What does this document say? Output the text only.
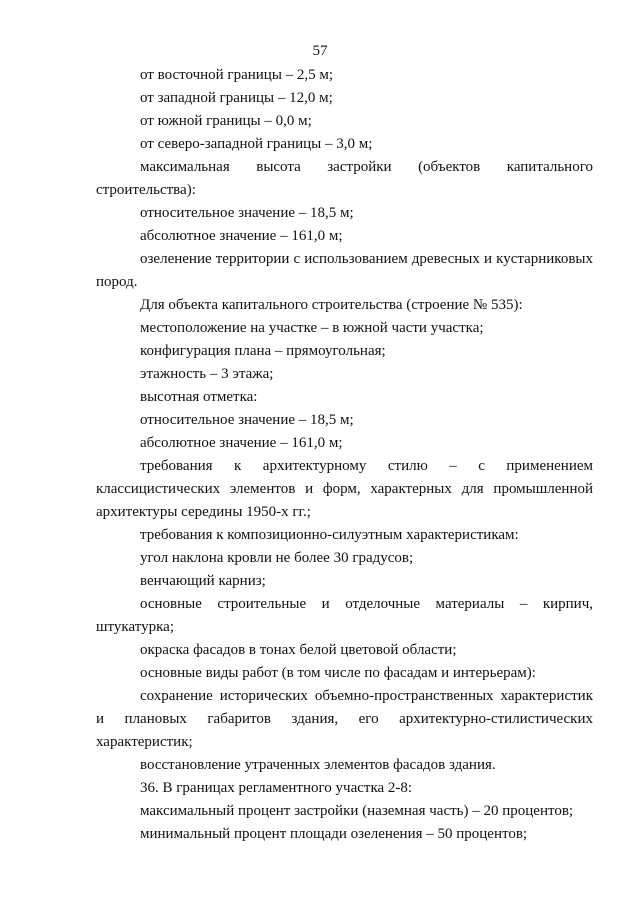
57

от восточной границы – 2,5 м;

от западной границы – 12,0 м;

от южной границы – 0,0 м;

от северо-западной границы – 3,0 м;

максимальная высота застройки (объектов капитального строительства):

относительное значение – 18,5 м;

абсолютное значение – 161,0 м;

озеленение территории с использованием древесных и кустарниковых пород.

Для объекта капитального строительства (строение № 535):

местоположение на участке – в южной части участка;

конфигурация плана – прямоугольная;

этажность – 3 этажа;

высотная отметка:

относительное значение – 18,5 м;

абсолютное значение – 161,0 м;

требования к архитектурному стилю – с применением классицистических элементов и форм, характерных для промышленной архитектуры середины 1950-х гг.;

требования к композиционно-силуэтным характеристикам:

угол наклона кровли не более 30 градусов;

венчающий карниз;

основные строительные и отделочные материалы – кирпич, штукатурка;

окраска фасадов в тонах белой цветовой области;

основные виды работ (в том числе по фасадам и интерьерам):

сохранение исторических объемно-пространственных характеристик и плановых габаритов здания, его архитектурно-стилистических характеристик;

восстановление утраченных элементов фасадов здания.

36. В границах регламентного участка 2-8:

максимальный процент застройки (наземная часть) – 20 процентов;

минимальный процент площади озеленения – 50 процентов;
